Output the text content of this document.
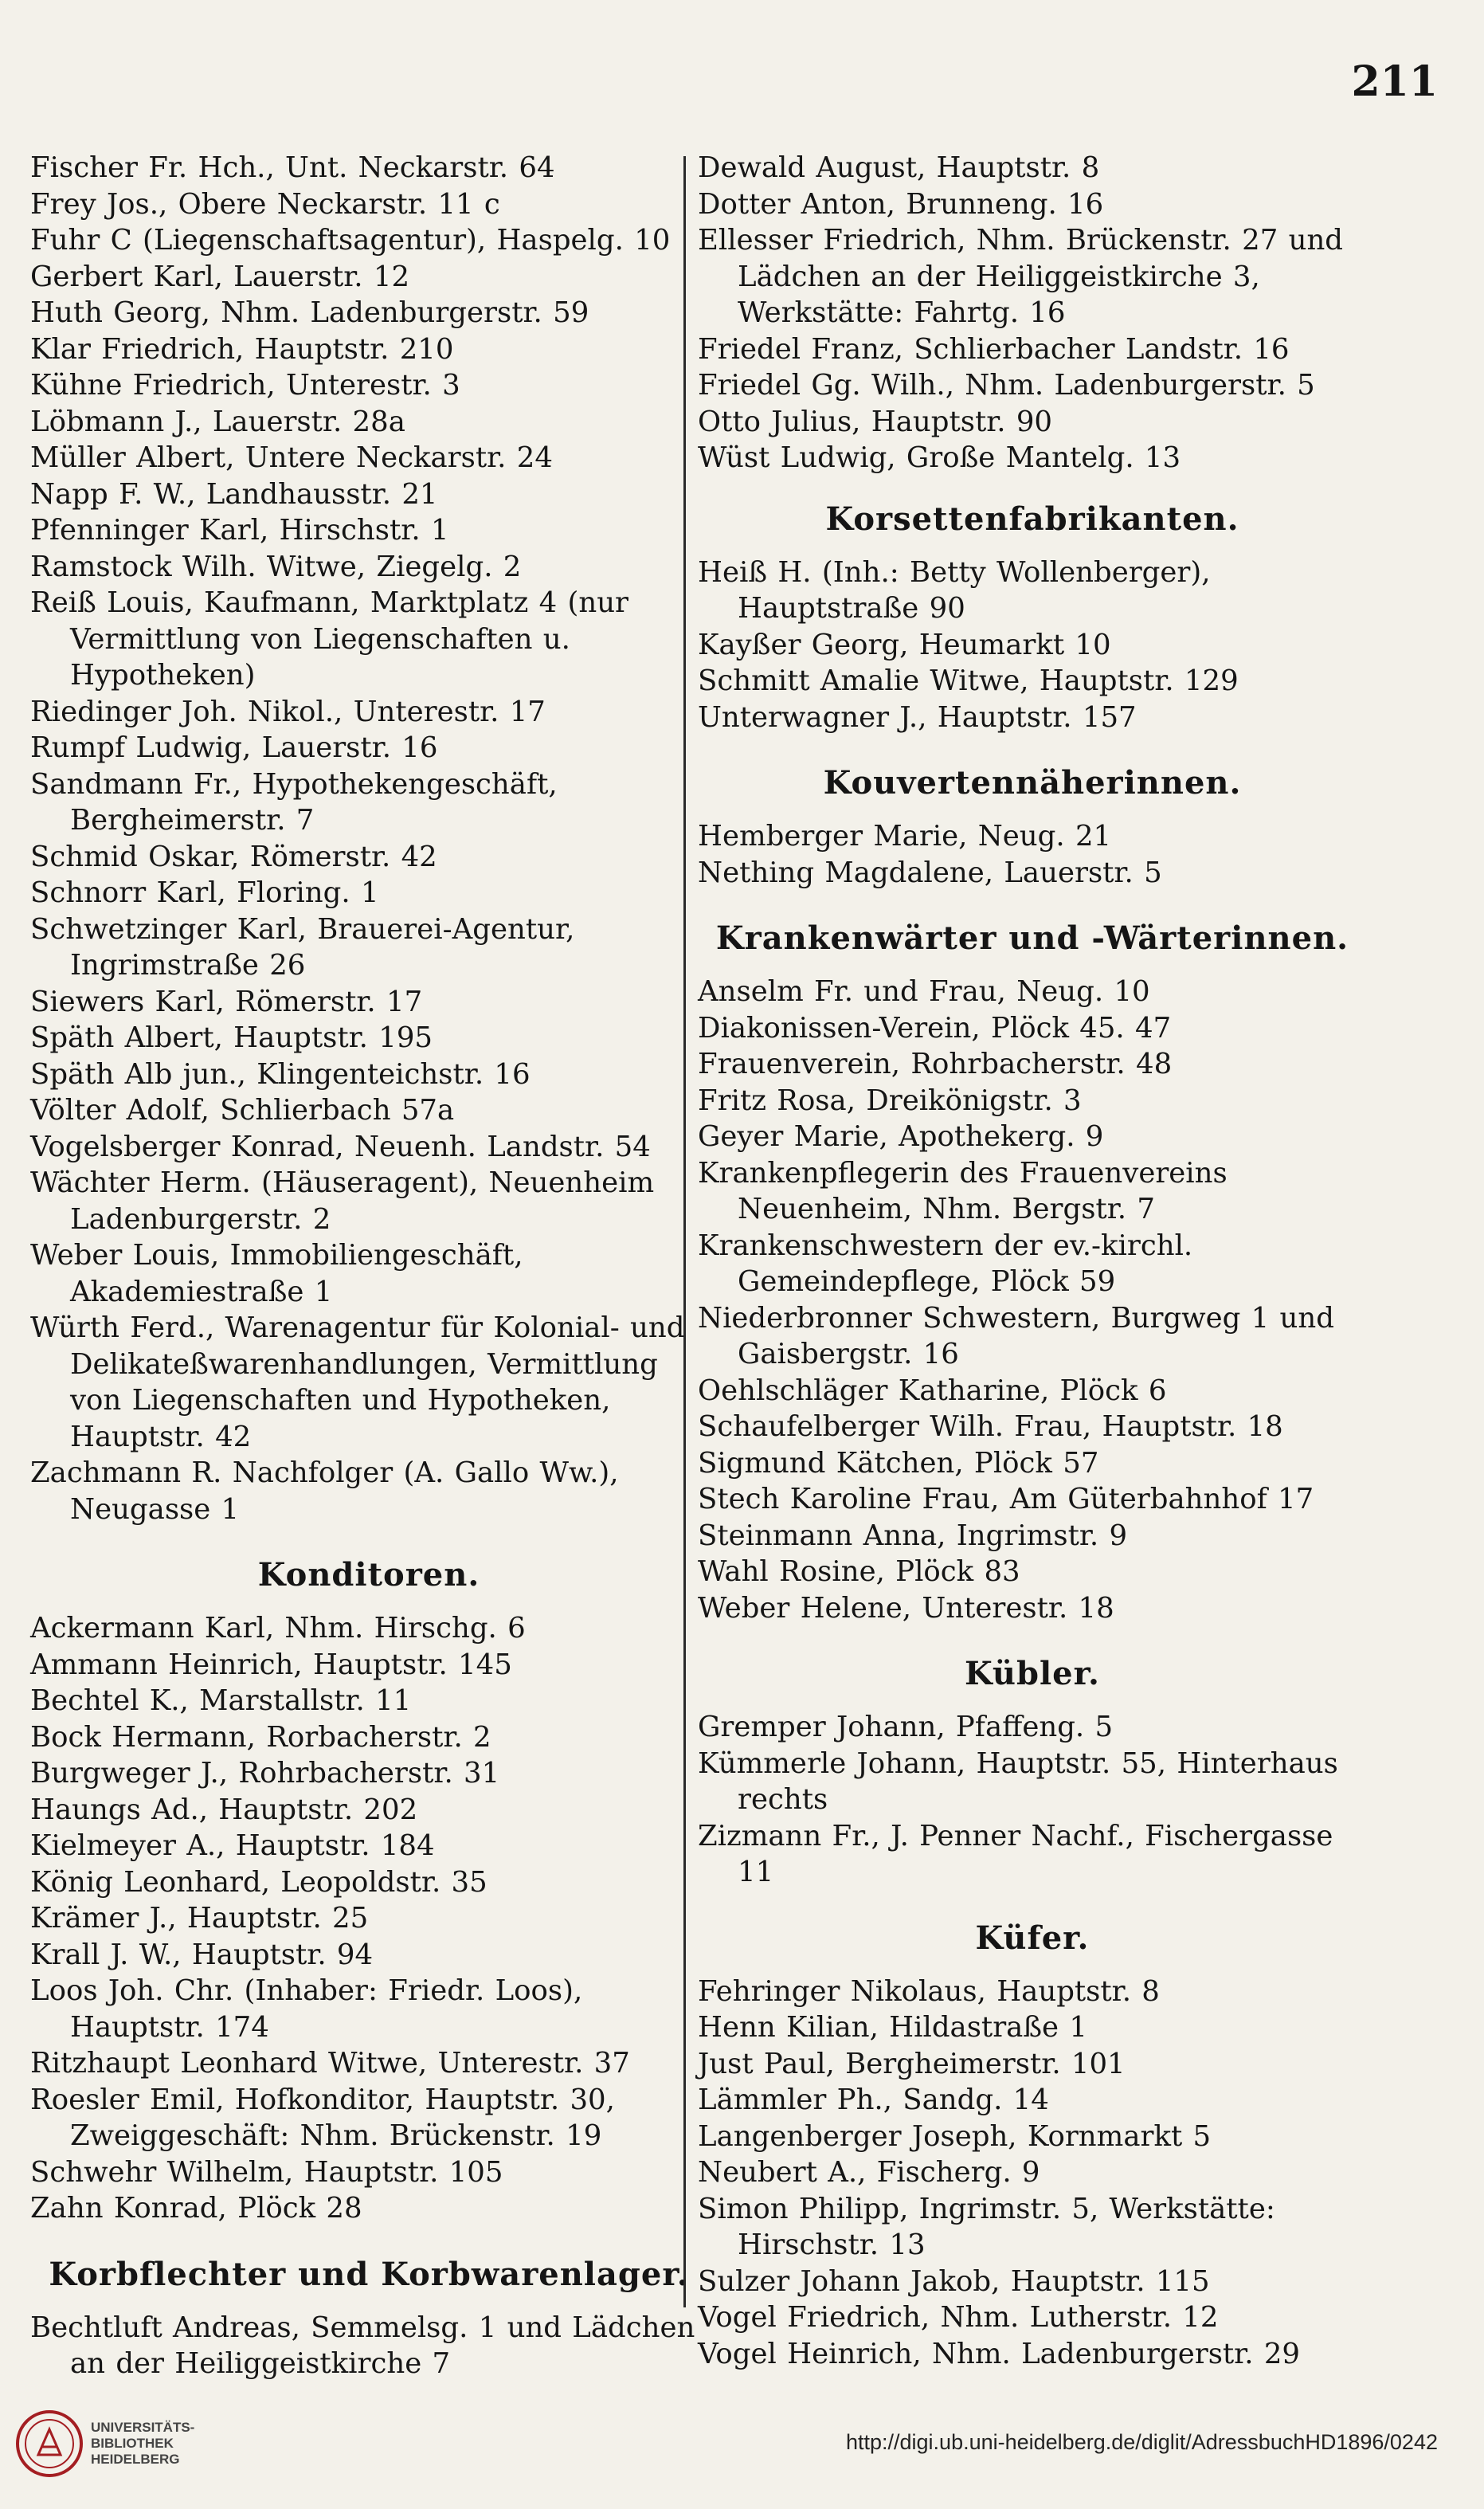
211
Fischer Fr. Hch., Unt. Neckarstr. 64
Frey Jos., Obere Neckarstr. 11 c
Fuhr C (Liegenschaftsagentur), Haspelg. 10
Gerbert Karl, Lauerstr. 12
Huth Georg, Nhm. Ladenburgerstr. 59
Klar Friedrich, Hauptstr. 210
Kühne Friedrich, Unterestr. 3
Löbmann J., Lauerstr. 28a
Müller Albert, Untere Neckarstr. 24
Napp F. W., Landhausstr. 21
Pfenninger Karl, Hirschstr. 1
Ramstock Wilh. Witwe, Ziegelg. 2
Reiß Louis, Kaufmann, Marktplatz 4 (nur Vermittlung von Liegenschaften u. Hypotheken)
Riedinger Joh. Nikol., Unterestr. 17
Rumpf Ludwig, Lauerstr. 16
Sandmann Fr., Hypothekengeschäft, Bergheimerstr. 7
Schmid Oskar, Römerstr. 42
Schnorr Karl, Floring. 1
Schwetzinger Karl, Brauerei-Agentur, Ingrimstraße 26
Siewers Karl, Römerstr. 17
Späth Albert, Hauptstr. 195
Späth Alb jun., Klingenteichstr. 16
Völter Adolf, Schlierbach 57a
Vogelsberger Konrad, Neuenh. Landstr. 54
Wächter Herm. (Häuseragent), Neuenheim Ladenburgerstr. 2
Weber Louis, Immobiliengeschäft, Akademiestraße 1
Würth Ferd., Warenagentur für Kolonial- und Delikateßwarenhandlungen, Vermittlung von Liegenschaften und Hypotheken, Hauptstr. 42
Zachmann R. Nachfolger (A. Gallo Ww.), Neugasse 1
Konditoren.
Ackermann Karl, Nhm. Hirschg. 6
Ammann Heinrich, Hauptstr. 145
Bechtel K., Marstallstr. 11
Bock Hermann, Rorbacherstr. 2
Burgweger J., Rohrbacherstr. 31
Haungs Ad., Hauptstr. 202
Kielmeyer A., Hauptstr. 184
König Leonhard, Leopoldstr. 35
Krämer J., Hauptstr. 25
Krall J. W., Hauptstr. 94
Loos Joh. Chr. (Inhaber: Friedr. Loos), Hauptstr. 174
Ritzhaupt Leonhard Witwe, Unterestr. 37
Roesler Emil, Hofkonditor, Hauptstr. 30, Zweiggeschäft: Nhm. Brückenstr. 19
Schwehr Wilhelm, Hauptstr. 105
Zahn Konrad, Plöck 28
Korbflechter und Korbwarenlager.
Bechtluft Andreas, Semmelsg. 1 und Lädchen an der Heiliggeistkirche 7
Dewald August, Hauptstr. 8
Dotter Anton, Brunneng. 16
Ellesser Friedrich, Nhm. Brückenstr. 27 und Lädchen an der Heiliggeistkirche 3, Werkstätte: Fahrtg. 16
Friedel Franz, Schlierbacher Landstr. 16
Friedel Gg. Wilh., Nhm. Ladenburgerstr. 5
Otto Julius, Hauptstr. 90
Wüst Ludwig, Große Mantelg. 13
Korsettenfabrikanten.
Heiß H. (Inh.: Betty Wollenberger), Hauptstraße 90
Kayßer Georg, Heumarkt 10
Schmitt Amalie Witwe, Hauptstr. 129
Unterwagner J., Hauptstr. 157
Kouvertennäherinnen.
Hemberger Marie, Neug. 21
Nething Magdalene, Lauerstr. 5
Krankenwärter und -Wärterinnen.
Anselm Fr. und Frau, Neug. 10
Diakonissen-Verein, Plöck 45. 47
Frauenverein, Rohrbacherstr. 48
Fritz Rosa, Dreikönigstr. 3
Geyer Marie, Apothekerg. 9
Krankenpflegerin des Frauenvereins Neuenheim, Nhm. Bergstr. 7
Krankenschwestern der ev.-kirchl. Gemeindepflege, Plöck 59
Niederbronner Schwestern, Burgweg 1 und Gaisbergstr. 16
Oehlschläger Katharine, Plöck 6
Schaufelberger Wilh. Frau, Hauptstr. 18
Sigmund Kätchen, Plöck 57
Stech Karoline Frau, Am Güterbahnhof 17
Steinmann Anna, Ingrimstr. 9
Wahl Rosine, Plöck 83
Weber Helene, Unterestr. 18
Kübler.
Gremper Johann, Pfaffeng. 5
Kümmerle Johann, Hauptstr. 55, Hinterhaus rechts
Zizmann Fr., J. Penner Nachf., Fischergasse 11
Küfer.
Fehringer Nikolaus, Hauptstr. 8
Henn Kilian, Hildastraße 1
Just Paul, Bergheimerstr. 101
Lämmler Ph., Sandg. 14
Langenberger Joseph, Kornmarkt 5
Neubert A., Fischerg. 9
Simon Philipp, Ingrimstr. 5, Werkstätte: Hirschstr. 13
Sulzer Johann Jakob, Hauptstr. 115
Vogel Friedrich, Nhm. Lutherstr. 12
Vogel Heinrich, Nhm. Ladenburgerstr. 29
UNIVERSITÄTS-
BIBLIOTHEK
HEIDELBERG
http://digi.ub.uni-heidelberg.de/diglit/AdressbuchHD1896/0242
